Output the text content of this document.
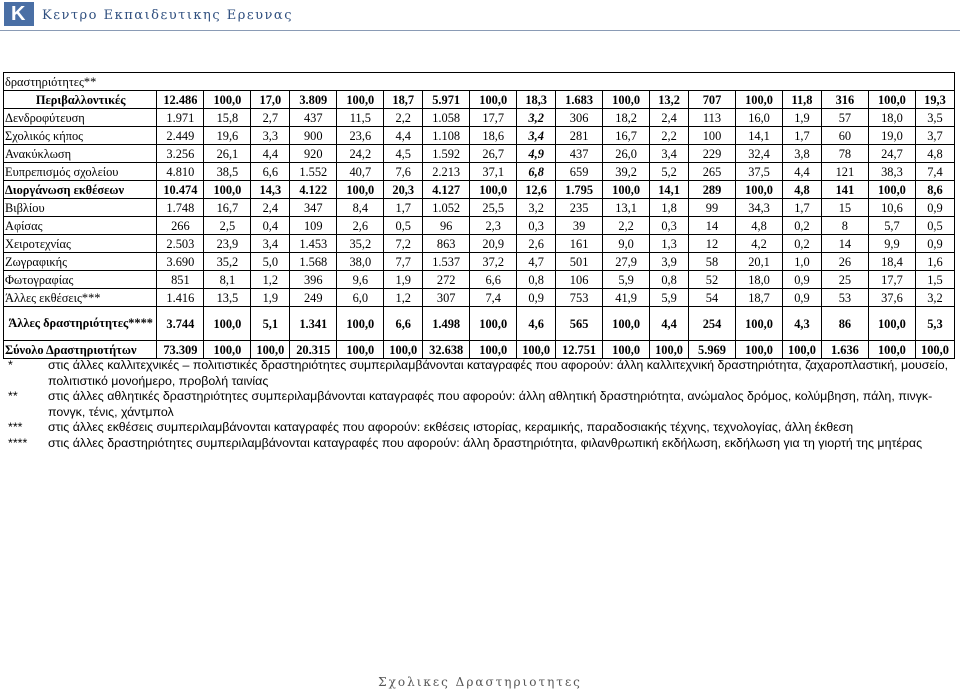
K Κεντρο Εκπαιδευτικης Ερευνας
δραστηριότητες**																		
Περιβαλλοντικές	12.486	100,0	17,0	3.809	100,0	18,7	5.971	100,0	18,3	1.683	100,0	13,2	707	100,0	11,8	316	100,0	19,3
Δενδροφύτευση	1.971	15,8	2,7	437	11,5	2,2	1.058	17,7	3,2	306	18,2	2,4	113	16,0	1,9	57	18,0	3,5
Σχολικός κήπος	2.449	19,6	3,3	900	23,6	4,4	1.108	18,6	3,4	281	16,7	2,2	100	14,1	1,7	60	19,0	3,7
Ανακύκλωση	3.256	26,1	4,4	920	24,2	4,5	1.592	26,7	4,9	437	26,0	3,4	229	32,4	3,8	78	24,7	4,8
Ευπρεπισμός σχολείου	4.810	38,5	6,6	1.552	40,7	7,6	2.213	37,1	6,8	659	39,2	5,2	265	37,5	4,4	121	38,3	7,4
Διοργάνωση εκθέσεων	10.474	100,0	14,3	4.122	100,0	20,3	4.127	100,0	12,6	1.795	100,0	14,1	289	100,0	4,8	141	100,0	8,6
Βιβλίου	1.748	16,7	2,4	347	8,4	1,7	1.052	25,5	3,2	235	13,1	1,8	99	34,3	1,7	15	10,6	0,9
Αφίσας	266	2,5	0,4	109	2,6	0,5	96	2,3	0,3	39	2,2	0,3	14	4,8	0,2	8	5,7	0,5
Χειροτεχνίας	2.503	23,9	3,4	1.453	35,2	7,2	863	20,9	2,6	161	9,0	1,3	12	4,2	0,2	14	9,9	0,9
Ζωγραφικής	3.690	35,2	5,0	1.568	38,0	7,7	1.537	37,2	4,7	501	27,9	3,9	58	20,1	1,0	26	18,4	1,6
Φωτογραφίας	851	8,1	1,2	396	9,6	1,9	272	6,6	0,8	106	5,9	0,8	52	18,0	0,9	25	17,7	1,5
Άλλες εκθέσεις***	1.416	13,5	1,9	249	6,0	1,2	307	7,4	0,9	753	41,9	5,9	54	18,7	0,9	53	37,6	3,2
Άλλες δραστηριότητες****	3.744	100,0	5,1	1.341	100,0	6,6	1.498	100,0	4,6	565	100,0	4,4	254	100,0	4,3	86	100,0	5,3
Σύνολο Δραστηριοτήτων	73.309	100,0	100,0	20.315	100,0	100,0	32.638	100,0	100,0	12.751	100,0	100,0	5.969	100,0	100,0	1.636	100,0	100,0
*	στις άλλες καλλιτεχνικές – πολιτιστικές δραστηριότητες συμπεριλαμβάνονται καταγραφές που αφορούν: άλλη καλλιτεχνική δραστηριότητα, ζαχαροπλαστική, μουσείο, πολιτιστικό μονοήμερο, προβολή ταινίας
**	στις άλλες αθλητικές δραστηριότητες συμπεριλαμβάνονται καταγραφές που αφορούν: άλλη αθλητική δραστηριότητα, ανώμαλος δρόμος, κολύμβηση, πάλη, πινγκ-πονγκ, τένις, χάντμπολ
***	στις άλλες εκθέσεις συμπεριλαμβάνονται καταγραφές που αφορούν: εκθέσεις ιστορίας, κεραμικής, παραδοσιακής τέχνης, τεχνολογίας, άλλη έκθεση
****	στις άλλες δραστηριότητες συμπεριλαμβάνονται καταγραφές που αφορούν: άλλη δραστηριότητα, φιλανθρωπική εκδήλωση, εκδήλωση για τη γιορτή της μητέρας
Σχολικες Δραστηριοτητες
